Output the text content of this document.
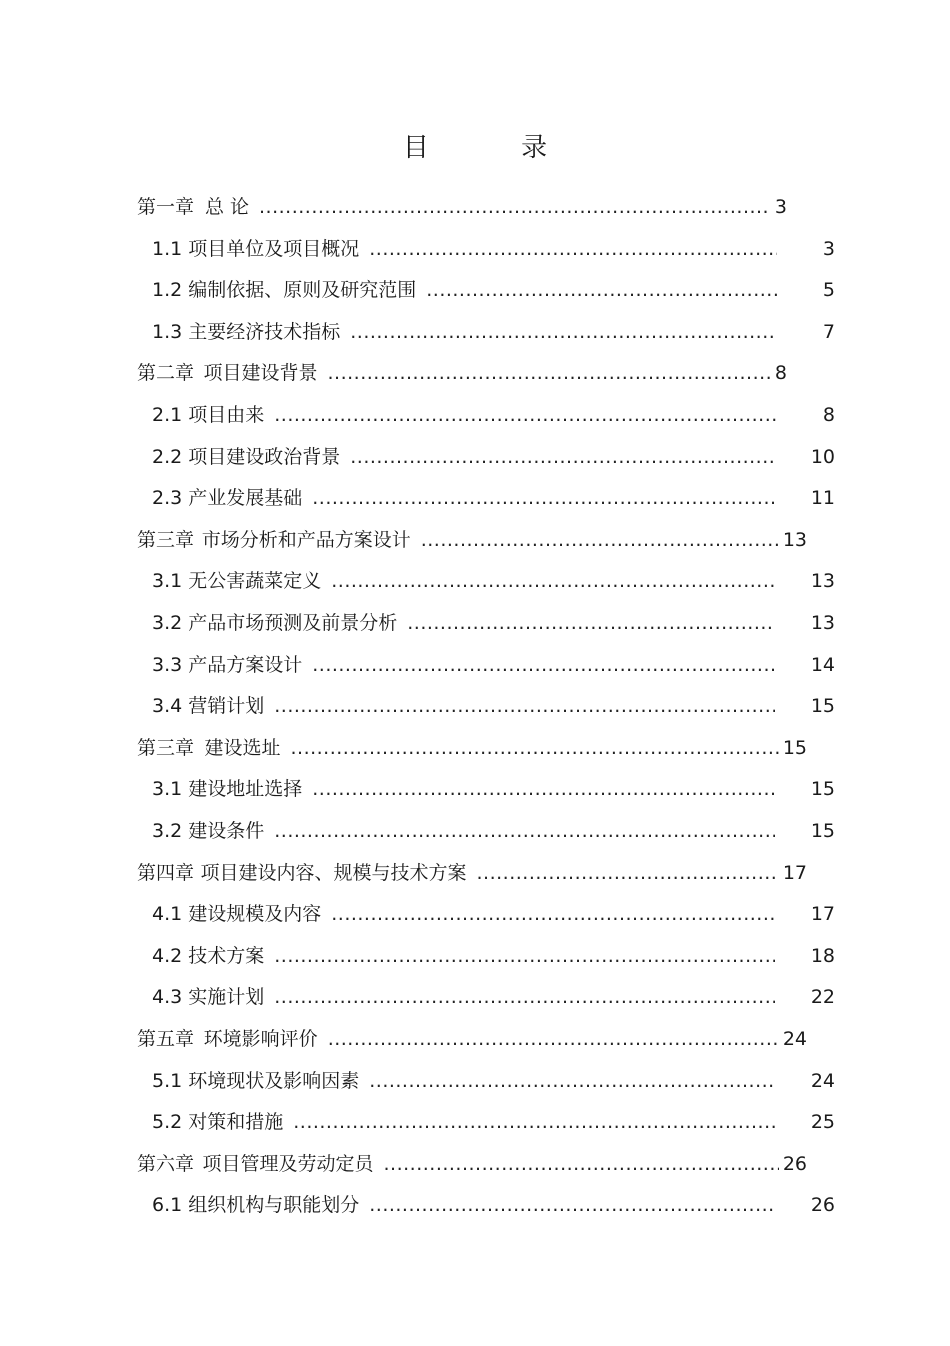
目 录
第一章 总 论 .....	3
1.1 项目单位及项目概况 .....	3
1.2 编制依据、原则及研究范围 .....	5
1.3 主要经济技术指标 .....	7
第二章 项目建设背景 .....	8
2.1 项目由来 .....	8
2.2 项目建设政治背景 .....	10
2.3 产业发展基础 .....	11
第三章 市场分析和产品方案设计 .....	13
3.1 无公害蔬菜定义 .....	13
3.2 产品市场预测及前景分析 .....	13
3.3 产品方案设计 .....	14
3.4 营销计划 .....	15
第三章 建设选址 .....	15
3.1 建设地址选择 .....	15
3.2 建设条件 .....	15
第四章 项目建设内容、规模与技术方案 .....	17
4.1 建设规模及内容 .....	17
4.2 技术方案 .....	18
4.3 实施计划 .....	22
第五章 环境影响评价 .....	24
5.1 环境现状及影响因素 .....	24
5.2 对策和措施 .....	25
第六章 项目管理及劳动定员 .....	26
6.1 组织机构与职能划分 .....	26
